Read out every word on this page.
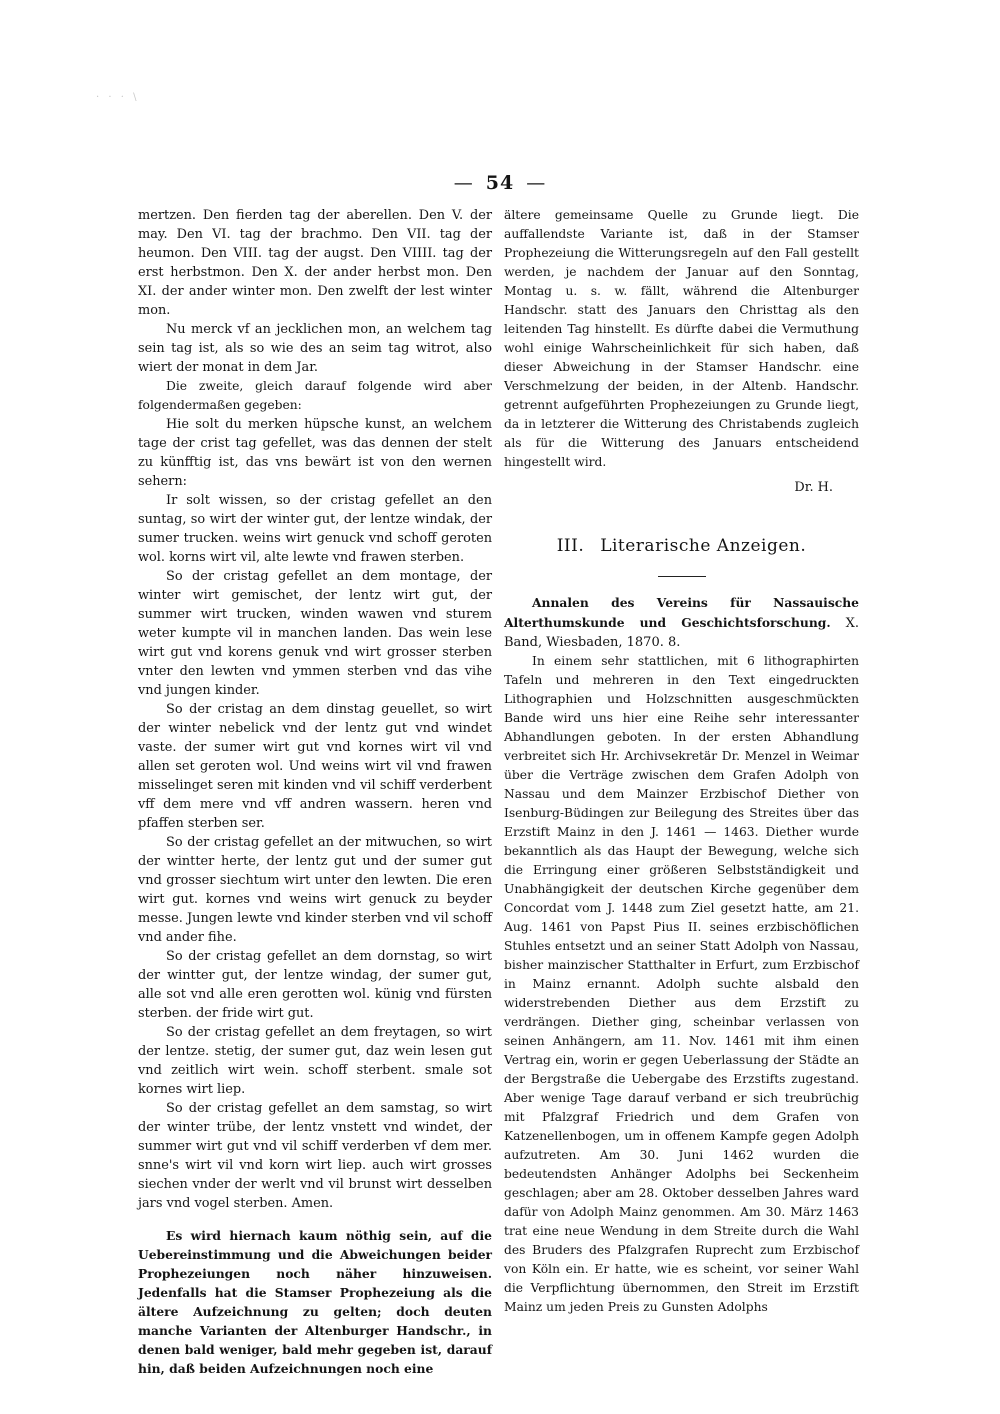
· · · \
— 54 —

mertzen. Den fierden tag der aberellen. Den V. der may. Den VI. tag der brachmo. Den VII. tag der heumon. Den VIII. tag der augst. Den VIIII. tag der erst herbstmon. Den X. der ander herbst mon. Den XI. der ander winter mon. Den zwelft der lest winter mon.

Nu merck vf an jecklichen mon, an welchem tag sein tag ist, als so wie des an seim tag witrot, also wiert der monat in dem Jar.

Die zweite, gleich darauf folgende wird aber folgendermaßen gegeben:

Hie solt du merken hüpsche kunst, an welchem tage der crist tag gefellet, was das dennen der stelt zu künfftig ist, das vns bewärt ist von den wernen sehern:

Ir solt wissen, so der cristag gefellet an den suntag, so wirt der winter gut, der lentze windak, der sumer trucken. weins wirt genuck vnd schoff geroten wol. korns wirt vil, alte lewte vnd frawen sterben.

So der cristag gefellet an dem montage, der winter wirt gemischet, der lentz wirt gut, der summer wirt trucken, winden wawen vnd sturem weter kumpte vil in manchen landen. Das wein lese wirt gut vnd korens genuk vnd wirt grosser sterben vnter den lewten vnd ymmen sterben vnd das vihe vnd jungen kinder.

So der cristag an dem dinstag geuellet, so wirt der winter nebelick vnd der lentz gut vnd windet vaste. der sumer wirt gut vnd kornes wirt vil vnd allen set geroten wol. Und weins wirt vil vnd frawen misselinget seren mit kinden vnd vil schiff verderbent vff dem mere vnd vff andren wassern. heren vnd pfaffen sterben ser.

So der cristag gefellet an der mitwuchen, so wirt der wintter herte, der lentz gut und der sumer gut vnd grosser siechtum wirt unter den lewten. Die eren wirt gut. kornes vnd weins wirt genuck zu beyder messe. Jungen lewte vnd kinder sterben vnd vil schoff vnd ander fihe.

So der cristag gefellet an dem dornstag, so wirt der wintter gut, der lentze windag, der sumer gut, alle sot vnd alle eren gerotten wol. künig vnd fürsten sterben. der fride wirt gut.

So der cristag gefellet an dem freytagen, so wirt der lentze. stetig, der sumer gut, daz wein lesen gut vnd zeitlich wirt wein. schoff sterbent. smale sot kornes wirt liep.

So der cristag gefellet an dem samstag, so wirt der winter trübe, der lentz vnstett vnd windet, der summer wirt gut vnd vil schiff verderben vf dem mer. snne's wirt vil vnd korn wirt liep. auch wirt grosses siechen vnder der werlt vnd vil brunst wirt desselben jars vnd vogel sterben. Amen.

Es wird hiernach kaum nöthig sein, auf die Uebereinstimmung und die Abweichungen beider Prophezeiungen noch näher hinzuweisen. Jedenfalls hat die Stamser Prophezeiung als die ältere Aufzeichnung zu gelten; doch deuten manche Varianten der Altenburger Handschr., in denen bald weniger, bald mehr gegeben ist, darauf hin, daß beiden Aufzeichnungen noch eine

ältere gemeinsame Quelle zu Grunde liegt. Die auffallendste Variante ist, daß in der Stamser Prophezeiung die Witterungsregeln auf den Fall gestellt werden, je nachdem der Januar auf den Sonntag, Montag u. s. w. fällt, während die Altenburger Handschr. statt des Januars den Christtag als den leitenden Tag hinstellt. Es dürfte dabei die Vermuthung wohl einige Wahrscheinlichkeit für sich haben, daß dieser Abweichung in der Stamser Handschr. eine Verschmelzung der beiden, in der Altenb. Handschr. getrennt aufgeführten Prophezeiungen zu Grunde liegt, da in letzterer die Witterung des Christabends zugleich als für die Witterung des Januars entscheidend hingestellt wird.

Dr. H.
III. Literarische Anzeigen.

Annalen des Vereins für Nassauische Alterthumskunde und Geschichtsforschung. X. Band, Wiesbaden, 1870. 8.

In einem sehr stattlichen, mit 6 lithographirten Tafeln und mehreren in den Text eingedruckten Lithographien und Holzschnitten ausgeschmückten Bande wird uns hier eine Reihe sehr interessanter Abhandlungen geboten. In der ersten Abhandlung verbreitet sich Hr. Archivsekretär Dr. Menzel in Weimar über die Verträge zwischen dem Grafen Adolph von Nassau und dem Mainzer Erzbischof Diether von Isenburg-Büdingen zur Beilegung des Streites über das Erzstift Mainz in den J. 1461 — 1463. Diether wurde bekanntlich als das Haupt der Bewegung, welche sich die Erringung einer größeren Selbstständigkeit und Unabhängigkeit der deutschen Kirche gegenüber dem Concordat vom J. 1448 zum Ziel gesetzt hatte, am 21. Aug. 1461 von Papst Pius II. seines erzbischöflichen Stuhles entsetzt und an seiner Statt Adolph von Nassau, bisher mainzischer Statthalter in Erfurt, zum Erzbischof in Mainz ernannt. Adolph suchte alsbald den widerstrebenden Diether aus dem Erzstift zu verdrängen. Diether ging, scheinbar verlassen von seinen Anhängern, am 11. Nov. 1461 mit ihm einen Vertrag ein, worin er gegen Ueberlassung der Städte an der Bergstraße die Uebergabe des Erzstifts zugestand. Aber wenige Tage darauf verband er sich treubrüchig mit Pfalzgraf Friedrich und dem Grafen von Katzenellenbogen, um in offenem Kampfe gegen Adolph aufzutreten. Am 30. Juni 1462 wurden die bedeutendsten Anhänger Adolphs bei Seckenheim geschlagen; aber am 28. Oktober desselben Jahres ward dafür von Adolph Mainz genommen. Am 30. März 1463 trat eine neue Wendung in dem Streite durch die Wahl des Bruders des Pfalzgrafen Ruprecht zum Erzbischof von Köln ein. Er hatte, wie es scheint, vor seiner Wahl die Verpflichtung übernommen, den Streit im Erzstift Mainz um jeden Preis zu Gunsten Adolphs
